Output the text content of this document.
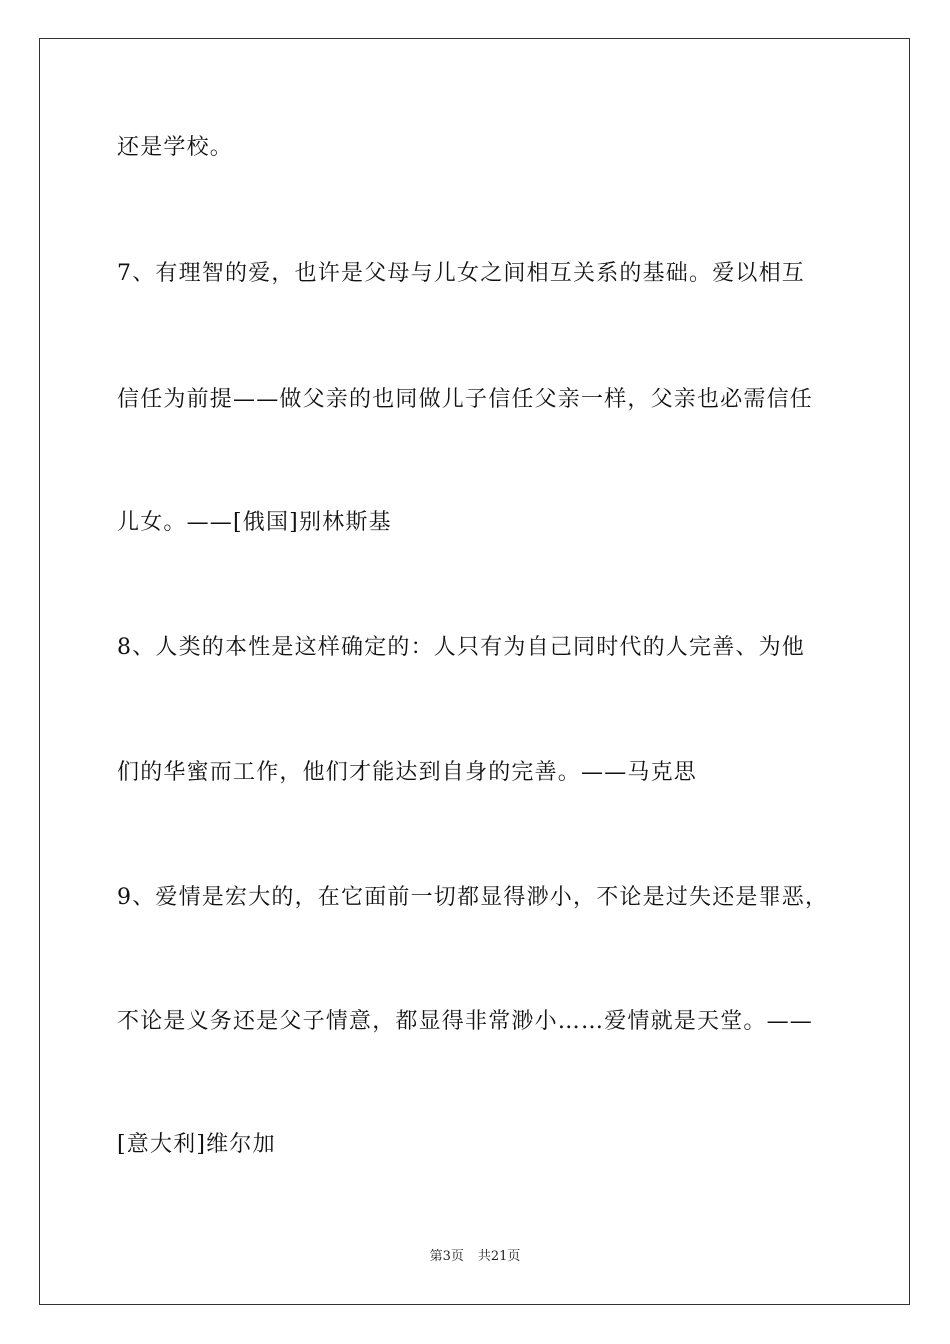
还是学校。
7、有理智的爱，也许是父母与儿女之间相互关系的基础。爱以相互
信任为前提——做父亲的也同做儿子信任父亲一样，父亲也必需信任
儿女。——[俄国]别林斯基
8、人类的本性是这样确定的：人只有为自己同时代的人完善、为他
们的华蜜而工作，他们才能达到自身的完善。——马克思
9、爱情是宏大的，在它面前一切都显得渺小，不论是过失还是罪恶，
不论是义务还是父子情意，都显得非常渺小……爱情就是天堂。——
[意大利]维尔加
第3页 共21页
